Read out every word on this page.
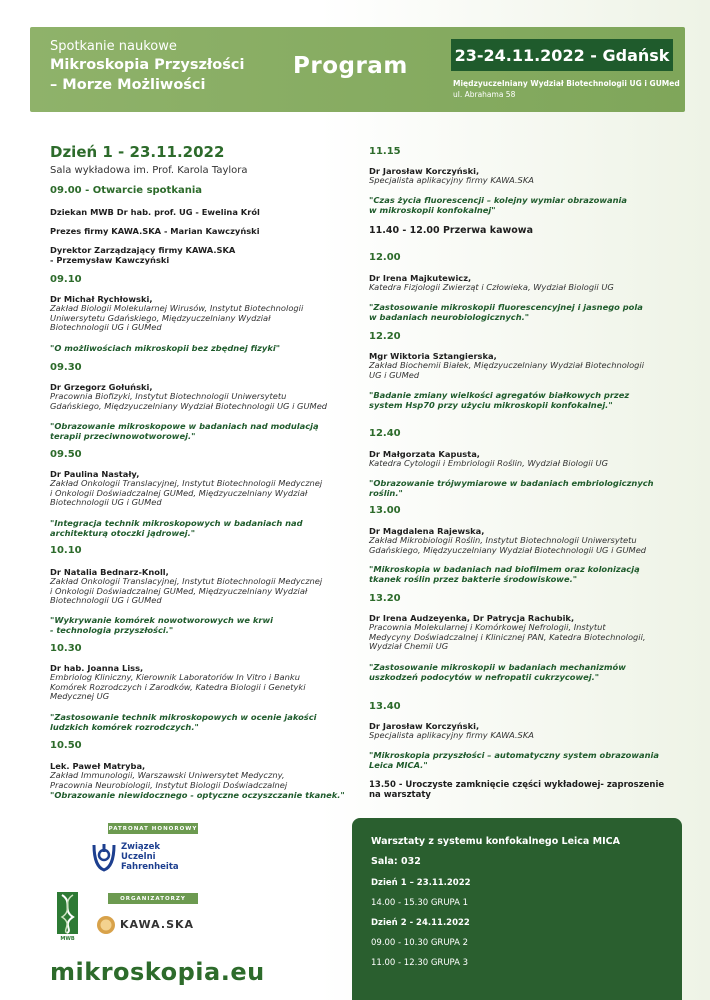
Spotkanie naukowe
Mikroskopia Przyszłości
– Morze Możliwości
Program	23-24.11.2022 - Gdańsk
Międzyuczelniany Wydział Biotechnologii UG i GUMed
ul. Abrahama 58
Dzień 1 - 23.11.2022
Sala wykładowa im. Prof. Karola Taylora
09.00 - Otwarcie spotkania
Dziekan MWB Dr hab. prof. UG - Ewelina Król
Prezes firmy KAWA.SKA - Marian Kawczyński
Dyrektor Zarządzający firmy KAWA.SKA
- Przemysław Kawczyński
09.10
Dr Michał Rychłowski,
Zakład Biologii Molekularnej Wirusów, Instytut Biotechnologii
Uniwersytetu Gdańskiego, Międzyuczelniany Wydział
Biotechnologii UG i GUMed
"O możliwościach mikroskopii bez zbędnej fizyki"
09.30
Dr Grzegorz Gołuński,
Pracownia Biofizyki, Instytut Biotechnologii Uniwersytetu
Gdańskiego, Międzyuczelniany Wydział Biotechnologii UG i GUMed
"Obrazowanie mikroskopowe w badaniach nad modulacją
terapii przeciwnowotworowej."
09.50
Dr Paulina Nastały,
Zakład Onkologii Translacyjnej, Instytut Biotechnologii Medycznej
i Onkologii Doświadczalnej GUMed, Międzyuczelniany Wydział
Biotechnologii UG i GUMed
"Integracja technik mikroskopowych w badaniach nad
architekturą otoczki jądrowej."
10.10
Dr Natalia Bednarz-Knoll,
Zakład Onkologii Translacyjnej, Instytut Biotechnologii Medycznej
i Onkologii Doświadczalnej GUMed, Międzyuczelniany Wydział
Biotechnologii UG i GUMed
"Wykrywanie komórek nowotworowych we krwi
- technologia przyszłości."
10.30
Dr hab. Joanna Liss,
Embriolog Kliniczny, Kierownik Laboratoriów In Vitro i Banku
Komórek Rozrodczych i Zarodków, Katedra Biologii i Genetyki
Medycznej UG
"Zastosowanie technik mikroskopowych w ocenie jakości
ludzkich komórek rozrodczych."
10.50
Lek. Paweł Matryba,
Zakład Immunologii, Warszawski Uniwersytet Medyczny,
Pracownia Neurobiologii, Instytut Biologii Doświadczalnej
"Obrazowanie niewidocznego - optyczne oczyszczanie tkanek."
11.15
Dr Jarosław Korczyński,
Specjalista aplikacyjny firmy KAWA.SKA
"Czas życia fluorescencji – kolejny wymiar obrazowania
w mikroskopii konfokalnej"
11.40 - 12.00 Przerwa kawowa
12.00
Dr Irena Majkutewicz,
Katedra Fizjologii Zwierząt i Człowieka, Wydział Biologii UG
"Zastosowanie mikroskopii fluorescencyjnej i jasnego pola
w badaniach neurobiologicznych."
12.20
Mgr Wiktoria Sztangierska,
Zakład Biochemii Białek, Międzyuczelniany Wydział Biotechnologii
UG i GUMed
"Badanie zmiany wielkości agregatów białkowych przez
system Hsp70 przy użyciu mikroskopii konfokalnej."
12.40
Dr Małgorzata Kapusta,
Katedra Cytologii i Embriologii Roślin, Wydział Biologii UG
"Obrazowanie trójwymiarowe w badaniach embriologicznych
roślin."
13.00
Dr Magdalena Rajewska,
Zakład Mikrobiologii Roślin, Instytut Biotechnologii Uniwersytetu
Gdańskiego, Międzyuczelniany Wydział Biotechnologii UG i GUMed
"Mikroskopia w badaniach nad biofilmem oraz kolonizacją
tkanek roślin przez bakterie środowiskowe."
13.20
Dr Irena Audzeyenka, Dr Patrycja Rachubik,
Pracownia Molekularnej i Komórkowej Nefrologii, Instytut
Medycyny Doświadczalnej i Klinicznej PAN, Katedra Biotechnologii,
Wydział Chemii UG
"Zastosowanie mikroskopii w badaniach mechanizmów
uszkodzeń podocytów w nefropatii cukrzycowej."
13.40
Dr Jarosław Korczyński,
Specjalista aplikacyjny firmy KAWA.SKA
"Mikroskopia przyszłości – automatyczny system obrazowania
Leica MICA."
13.50 - Uroczyste zamknięcie części wykładowej- zaproszenie
na warsztaty
PATRONAT HONOROWY
Związek
Uczelni
Fahrenheita
ORGANIZATORZY
MWB
KAWA.SKA
Warsztaty z systemu konfokalnego Leica MICA
Sala: 032
Dzień 1 – 23.11.2022
14.00 - 15.30 GRUPA 1
Dzień 2 - 24.11.2022
09.00 - 10.30 GRUPA 2
11.00 - 12.30 GRUPA 3
mikroskopia.eu
